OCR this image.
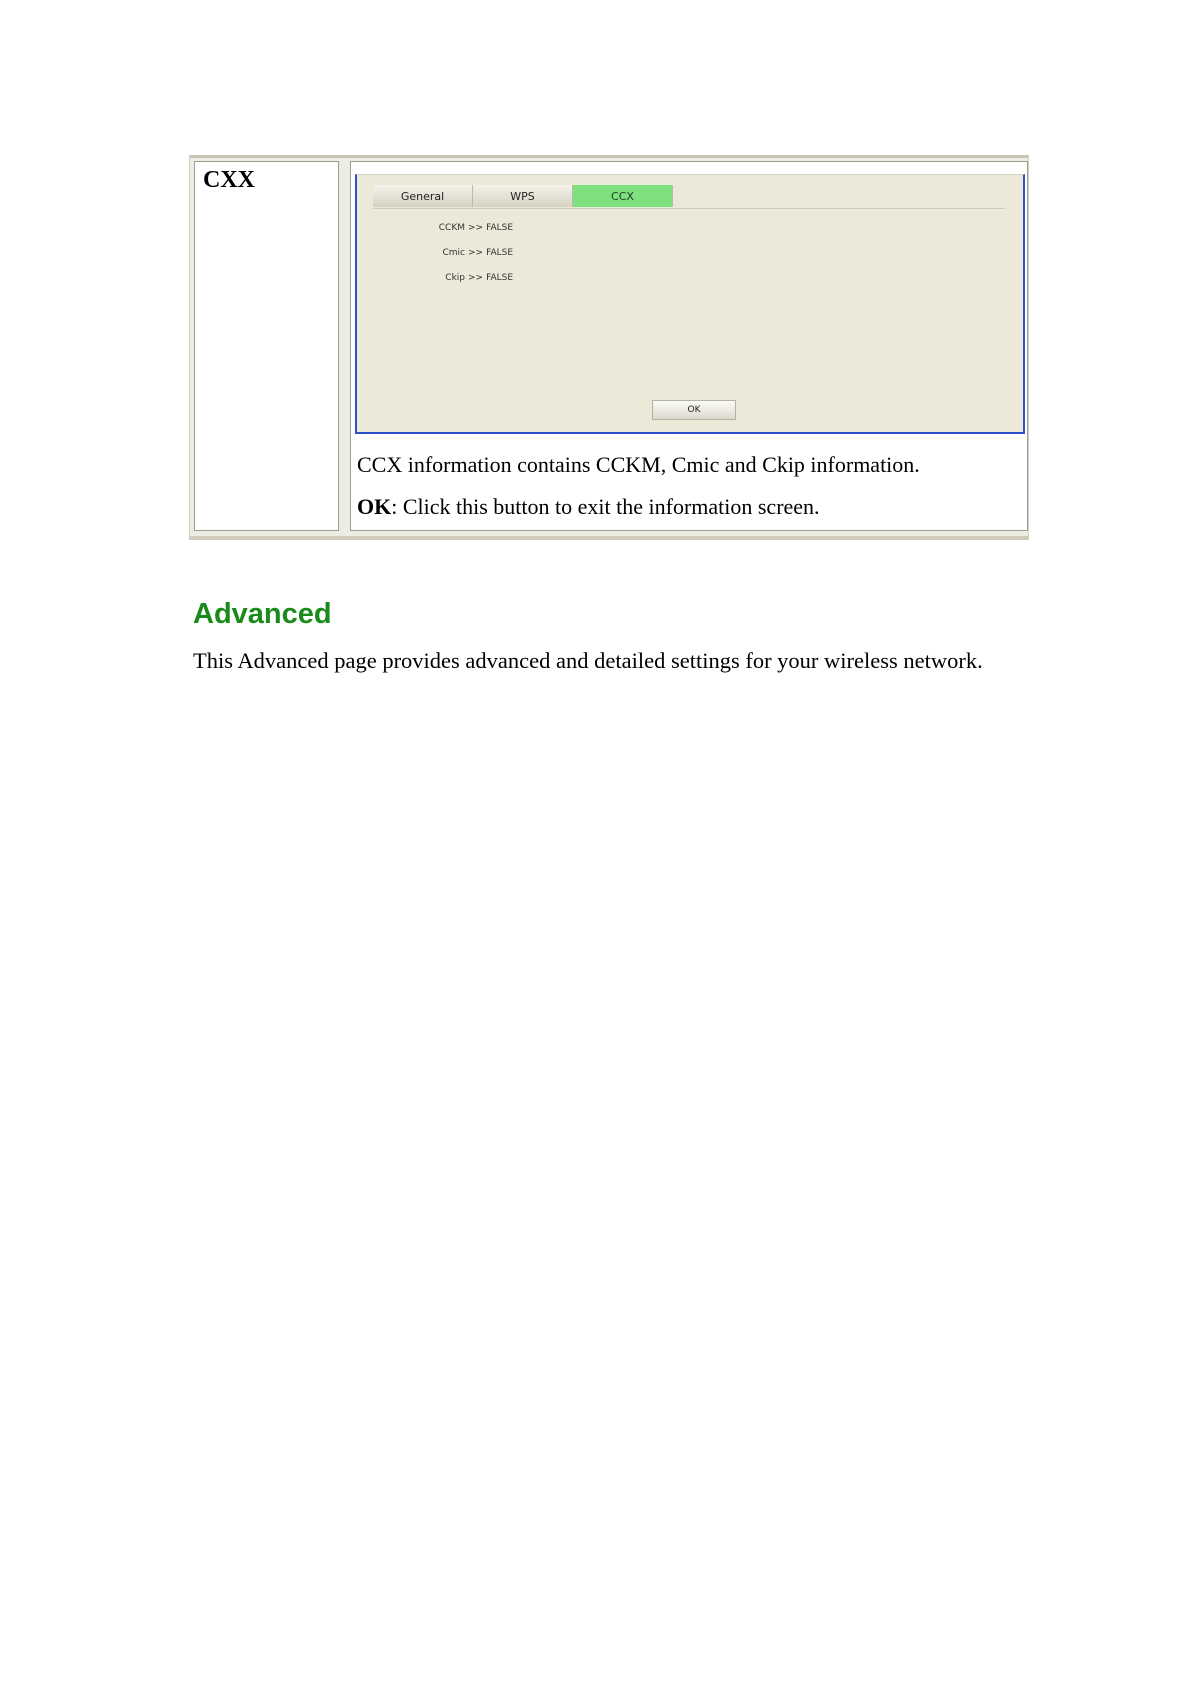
CXX
General	WPS	CCX
CCKM >> FALSE
Cmic >> FALSE
Ckip >> FALSE
OK
CCX information contains CCKM, Cmic and Ckip information.
OK: Click this button to exit the information screen.
Advanced
This Advanced page provides advanced and detailed settings for your wireless network.
